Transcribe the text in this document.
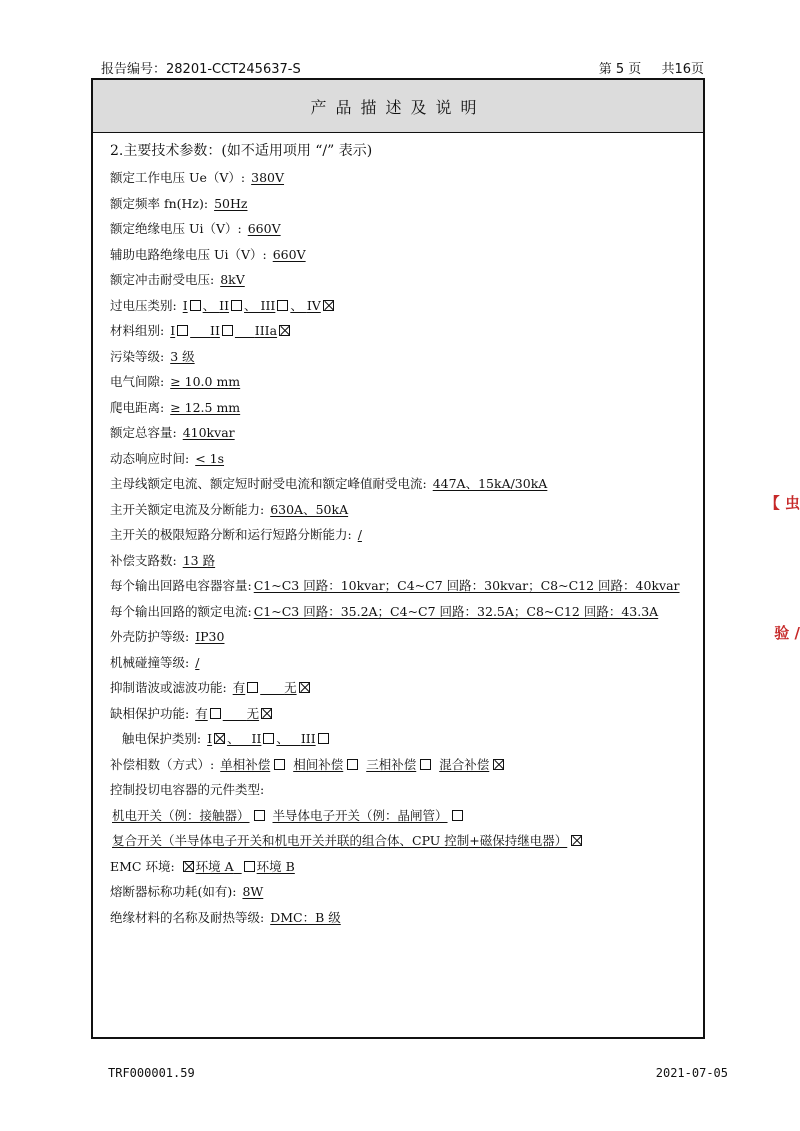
报告编号：28201-CCT245637-S	第 5 页 共16页
产品描述及说明
2.主要技术参数：(如不适用项用 “/” 表示)
额定工作电压 Ue（V）: 380V
额定频率 fn(Hz): 50Hz
额定绝缘电压 Ui（V）: 660V
辅助电路绝缘电压 Ui（V）: 660V
额定冲击耐受电压: 8kV
过电压类别: I 、 II 、 III 、 IV
材料组别: I	II	IIIa
污染等级: 3 级
电气间隙: ≥ 10.0 mm
爬电距离: ≥ 12.5 mm
额定总容量: 410kvar
动态响应时间: < 1s
主母线额定电流、额定短时耐受电流和额定峰值耐受电流: 447A、15kA/30kA
主开关额定电流及分断能力: 630A、50kA
主开关的极限短路分断和运行短路分断能力: /
补偿支路数: 13 路
每个输出回路电容器容量: C1~C3 回路：10kvar；C4~C7 回路：30kvar；C8~C12 回路：40kvar
每个输出回路的额定电流: C1~C3 回路：35.2A；C4~C7 回路：32.5A；C8~C12 回路：43.3A
外壳防护等级: IP30
机械碰撞等级: /
抑制谐波或滤波功能: 有	无
缺相保护功能: 有	无
触电保护类别: I 、   II 、   III
补偿相数（方式）: 单相补偿 相间补偿 三相补偿 混合补偿
控制投切电容器的元件类型:
机电开关（例：接触器） 半导体电子开关（例：晶闸管）
复合开关（半导体电子开关和机电开关并联的组合体、CPU 控制+磁保持继电器）
EMC 环境: 环境 A 环境 B
熔断器标称功耗(如有): 8W
绝缘材料的名称及耐热等级: DMC：B 级
【 虫
验 /
TRF000001.59	2021-07-05
